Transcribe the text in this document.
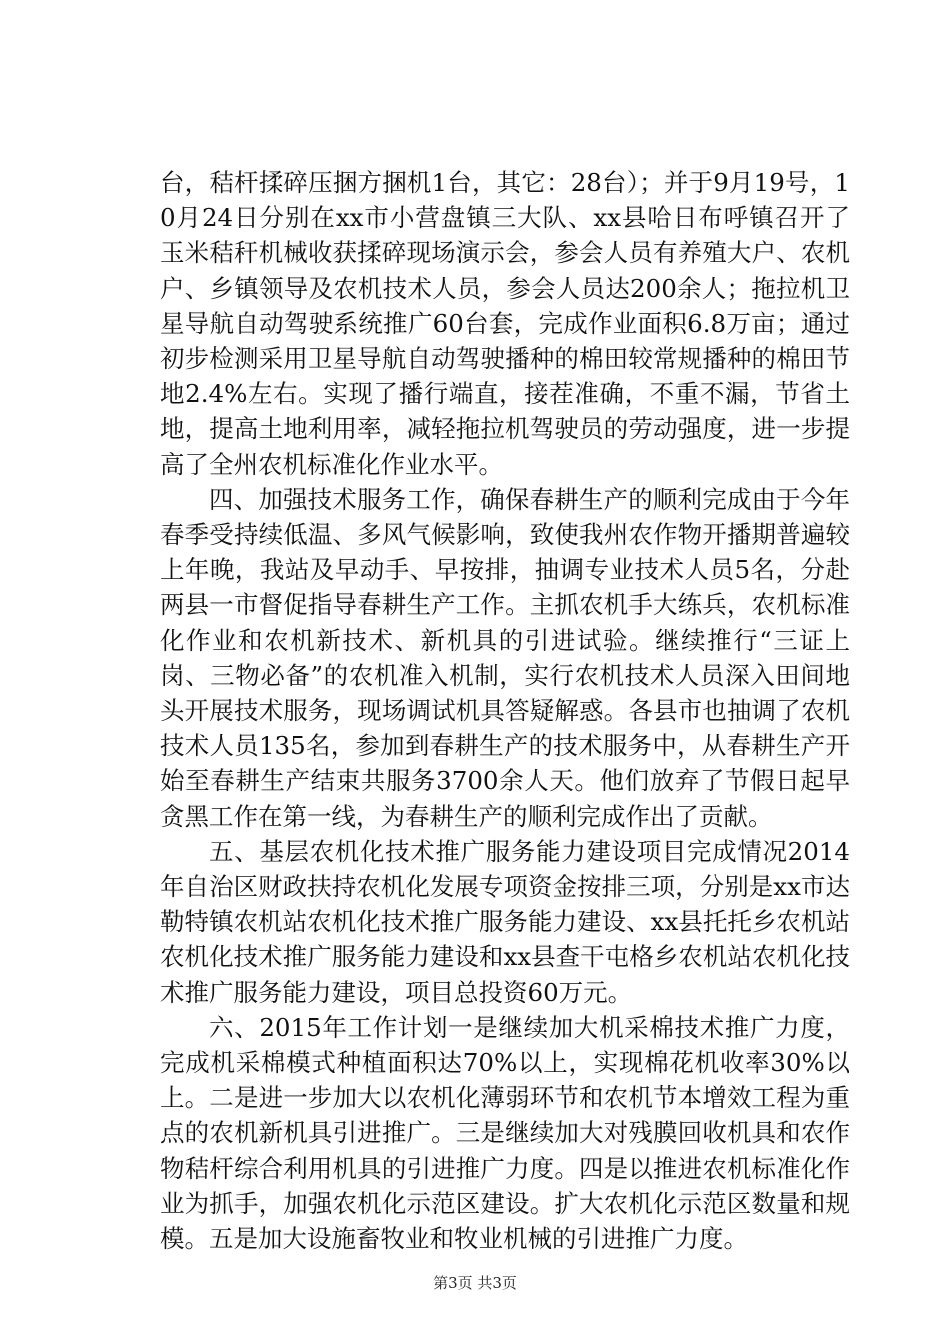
台，秸杆揉碎压捆方捆机1台，其它：28台）；并于9月19号，10月24日分别在xx市小营盘镇三大队、xx县哈日布呼镇召开了玉米秸秆机械收获揉碎现场演示会，参会人员有养殖大户、农机户、乡镇领导及农机技术人员，参会人员达200余人；拖拉机卫星导航自动驾驶系统推广60台套，完成作业面积6.8万亩；通过初步检测采用卫星导航自动驾驶播种的棉田较常规播种的棉田节地2.4%左右。实现了播行端直，接茬准确，不重不漏，节省土地，提高土地利用率，减轻拖拉机驾驶员的劳动强度，进一步提高了全州农机标准化作业水平。

四、加强技术服务工作，确保春耕生产的顺利完成由于今年春季受持续低温、多风气候影响，致使我州农作物开播期普遍较上年晚，我站及早动手、早按排，抽调专业技术人员5名，分赴两县一市督促指导春耕生产工作。主抓农机手大练兵，农机标准化作业和农机新技术、新机具的引进试验。继续推行“三证上岗、三物必备”的农机准入机制，实行农机技术人员深入田间地头开展技术服务，现场调试机具答疑解惑。各县市也抽调了农机技术人员135名，参加到春耕生产的技术服务中，从春耕生产开始至春耕生产结束共服务3700余人天。他们放弃了节假日起早贪黑工作在第一线，为春耕生产的顺利完成作出了贡献。

五、基层农机化技术推广服务能力建设项目完成情况2014年自治区财政扶持农机化发展专项资金按排三项，分别是xx市达勒特镇农机站农机化技术推广服务能力建设、xx县托托乡农机站农机化技术推广服务能力建设和xx县查干屯格乡农机站农机化技术推广服务能力建设，项目总投资60万元。

六、2015年工作计划一是继续加大机采棉技术推广力度，完成机采棉模式种植面积达70%以上，实现棉花机收率30%以上。二是进一步加大以农机化薄弱环节和农机节本增效工程为重点的农机新机具引进推广。三是继续加大对残膜回收机具和农作物秸杆综合利用机具的引进推广力度。四是以推进农机标准化作业为抓手，加强农机化示范区建设。扩大农机化示范区数量和规模。五是加大设施畜牧业和牧业机械的引进推广力度。

第3页 共3页
